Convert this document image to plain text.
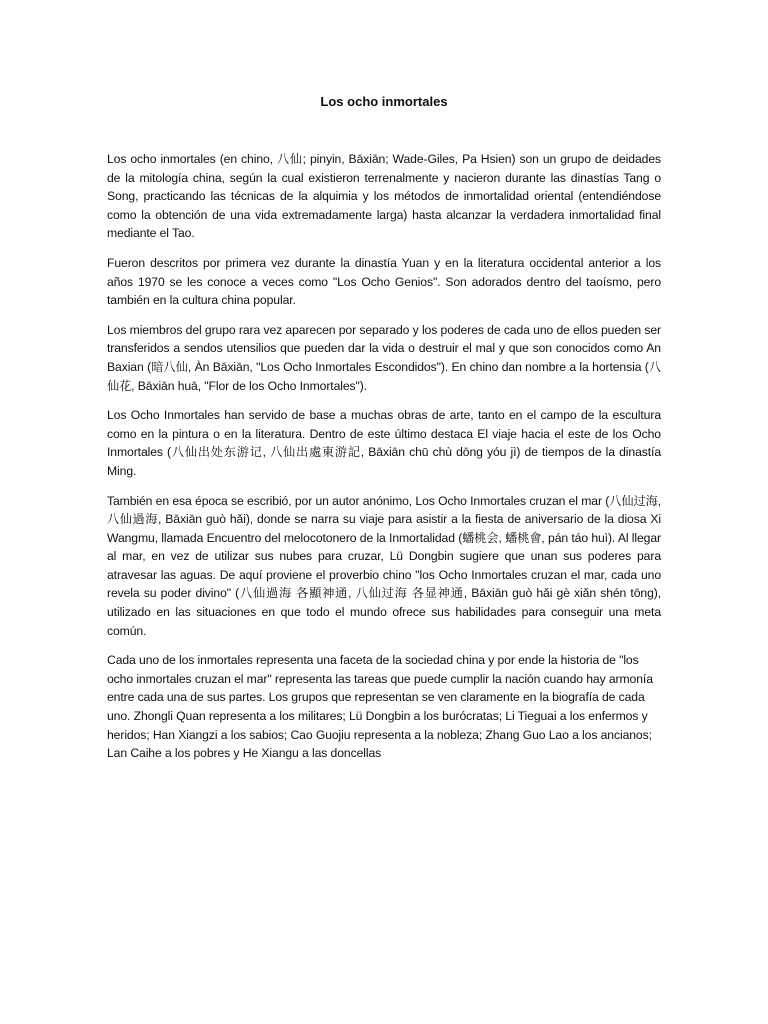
Los ocho inmortales

Los ocho inmortales (en chino, 八仙; pinyin, Bāxiān; Wade-Giles, Pa Hsien) son un grupo de deidades de la mitología china, según la cual existieron terrenalmente y nacieron durante las dinastías Tang o Song, practicando las técnicas de la alquimia y los métodos de inmortalidad oriental (entendiéndose como la obtención de una vida extremadamente larga) hasta alcanzar la verdadera inmortalidad final mediante el Tao.

Fueron descritos por primera vez durante la dinastía Yuan y en la literatura occidental anterior a los años 1970 se les conoce a veces como "Los Ocho Genios". Son adorados dentro del taoísmo, pero también en la cultura china popular.

Los miembros del grupo rara vez aparecen por separado y los poderes de cada uno de ellos pueden ser transferidos a sendos utensilios que pueden dar la vida o destruir el mal y que son conocidos como An Baxian (暗八仙, Àn Bāxiān, "Los Ocho Inmortales Escondidos"). En chino dan nombre a la hortensia (八仙花, Bāxiān huā, "Flor de los Ocho Inmortales").

Los Ocho Inmortales han servido de base a muchas obras de arte, tanto en el campo de la escultura como en la pintura o en la literatura. Dentro de este último destaca El viaje hacia el este de los Ocho Inmortales (八仙出处东游记, 八仙出處東游記, Bāxiān chū chù dōng yóu jì) de tiempos de la dinastía Ming.

También en esa época se escribió, por un autor anónimo, Los Ocho Inmortales cruzan el mar (八仙过海, 八仙過海, Bāxiān guò hǎi), donde se narra su viaje para asistir a la fiesta de aniversario de la diosa Xi Wangmu, llamada Encuentro del melocotonero de la Inmortalidad (蟠桃会, 蟠桃會, pán táo huì). Al llegar al mar, en vez de utilizar sus nubes para cruzar, Lü Dongbin sugiere que unan sus poderes para atravesar las aguas. De aquí proviene el proverbio chino "los Ocho Inmortales cruzan el mar, cada uno revela su poder divino" (八仙過海 各顯神通, 八仙过海 各显神通, Bāxiān guò hǎi gè xiǎn shén tōng), utilizado en las situaciones en que todo el mundo ofrece sus habilidades para conseguir una meta común.

Cada uno de los inmortales representa una faceta de la sociedad china y por ende la historia de "los ocho inmortales cruzan el mar" representa las tareas que puede cumplir la nación cuando hay armonía entre cada una de sus partes. Los grupos que representan se ven claramente en la biografía de cada uno. Zhongli Quan representa a los militares; Lü Dongbin a los burócratas; Li Tieguai a los enfermos y heridos; Han Xiangzi a los sabios; Cao Guojiu representa a la nobleza; Zhang Guo Lao a los ancianos; Lan Caihe a los pobres y He Xiangu a las doncellas
